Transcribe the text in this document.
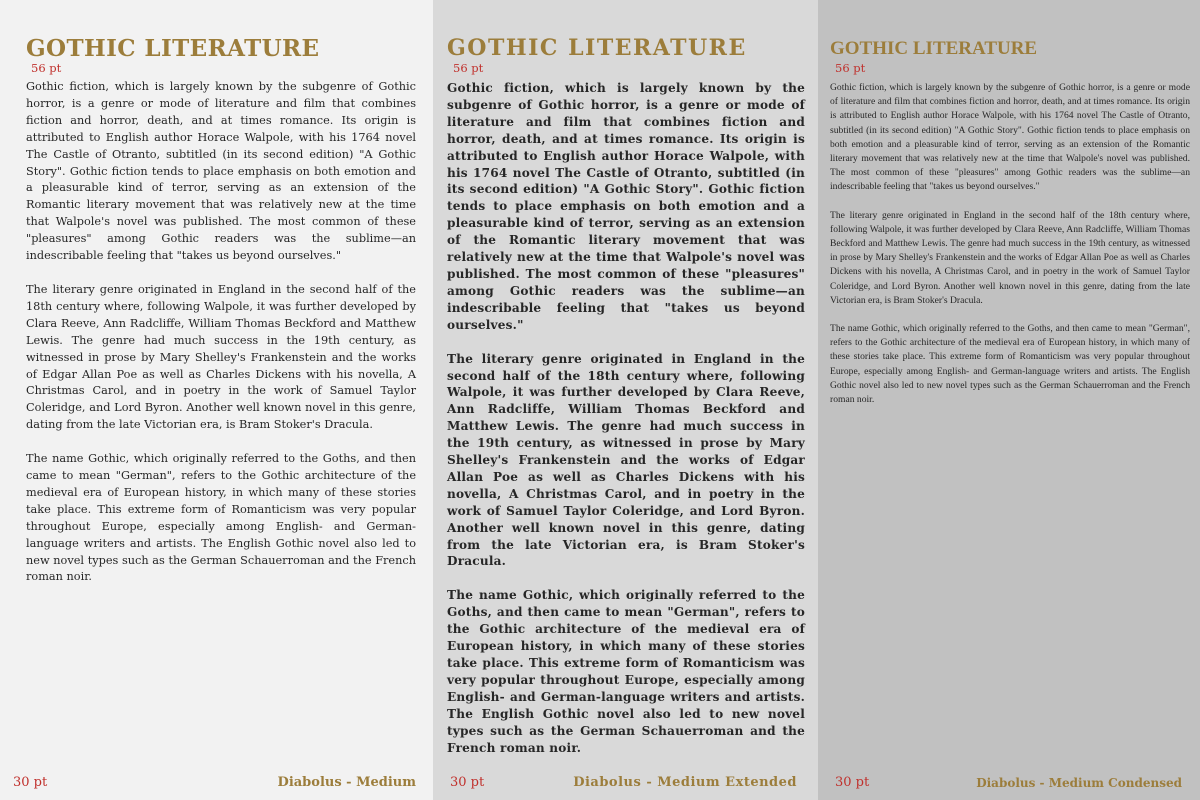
GOTHIC LITERATURE
56 pt

Gothic fiction, which is largely known by the subgenre of Gothic horror, is a genre or mode of literature and film that combines fiction and horror, death, and at times romance. Its origin is attributed to English author Horace Walpole, with his 1764 novel The Castle of Otranto, subtitled (in its second edition) "A Gothic Story". Gothic fiction tends to place emphasis on both emotion and a pleasurable kind of terror, serving as an extension of the Romantic literary movement that was relatively new at the time that Walpole's novel was published. The most common of these "pleasures" among Gothic readers was the sublime—an indescribable feeling that "takes us beyond ourselves."

The literary genre originated in England in the second half of the 18th century where, following Walpole, it was further developed by Clara Reeve, Ann Radcliffe, William Thomas Beckford and Matthew Lewis. The genre had much success in the 19th century, as witnessed in prose by Mary Shelley's Frankenstein and the works of Edgar Allan Poe as well as Charles Dickens with his novella, A Christmas Carol, and in poetry in the work of Samuel Taylor Coleridge, and Lord Byron. Another well known novel in this genre, dating from the late Victorian era, is Bram Stoker's Dracula.

The name Gothic, which originally referred to the Goths, and then came to mean "German", refers to the Gothic architecture of the medieval era of European history, in which many of these stories take place. This extreme form of Romanticism was very popular throughout Europe, especially among English- and German-language writers and artists. The English Gothic novel also led to new novel types such as the German Schauerroman and the French roman noir.

30 pt	Diabolus - Medium
GOTHIC LITERATURE
56 pt

Gothic fiction, which is largely known by the subgenre of Gothic horror, is a genre or mode of literature and film that combines fiction and horror, death, and at times romance. Its origin is attributed to English author Horace Walpole, with his 1764 novel The Castle of Otranto, subtitled (in its second edition) "A Gothic Story". Gothic fiction tends to place emphasis on both emotion and a pleasurable kind of terror, serving as an extension of the Romantic literary movement that was relatively new at the time that Walpole's novel was published. The most common of these "pleasures" among Gothic readers was the sublime—an indescribable feeling that "takes us beyond ourselves."

The literary genre originated in England in the second half of the 18th century where, following Walpole, it was further developed by Clara Reeve, Ann Radcliffe, William Thomas Beckford and Matthew Lewis. The genre had much success in the 19th century, as witnessed in prose by Mary Shelley's Frankenstein and the works of Edgar Allan Poe as well as Charles Dickens with his novella, A Christmas Carol, and in poetry in the work of Samuel Taylor Coleridge, and Lord Byron. Another well known novel in this genre, dating from the late Victorian era, is Bram Stoker's Dracula.

The name Gothic, which originally referred to the Goths, and then came to mean "German", refers to the Gothic architecture of the medieval era of European history, in which many of these stories take place. This extreme form of Romanticism was very popular throughout Europe, especially among English- and German-language writers and artists. The English Gothic novel also led to new novel types such as the German Schauerroman and the French roman noir.

30 pt	Diabolus - Medium Extended
GOTHIC LITERATURE
56 pt

Gothic fiction, which is largely known by the subgenre of Gothic horror, is a genre or mode of literature and film that combines fiction and horror, death, and at times romance. Its origin is attributed to English author Horace Walpole, with his 1764 novel The Castle of Otranto, subtitled (in its second edition) "A Gothic Story". Gothic fiction tends to place emphasis on both emotion and a pleasurable kind of terror, serving as an extension of the Romantic literary movement that was relatively new at the time that Walpole's novel was published. The most common of these "pleasures" among Gothic readers was the sublime—an indescribable feeling that "takes us beyond ourselves."

The literary genre originated in England in the second half of the 18th century where, following Walpole, it was further developed by Clara Reeve, Ann Radcliffe, William Thomas Beckford and Matthew Lewis. The genre had much success in the 19th century, as witnessed in prose by Mary Shelley's Frankenstein and the works of Edgar Allan Poe as well as Charles Dickens with his novella, A Christmas Carol, and in poetry in the work of Samuel Taylor Coleridge, and Lord Byron. Another well known novel in this genre, dating from the late Victorian era, is Bram Stoker's Dracula.

The name Gothic, which originally referred to the Goths, and then came to mean "German", refers to the Gothic architecture of the medieval era of European history, in which many of these stories take place. This extreme form of Romanticism was very popular throughout Europe, especially among English- and German-language writers and artists. The English Gothic novel also led to new novel types such as the German Schauerroman and the French roman noir.

30 pt	Diabolus - Medium Condensed
